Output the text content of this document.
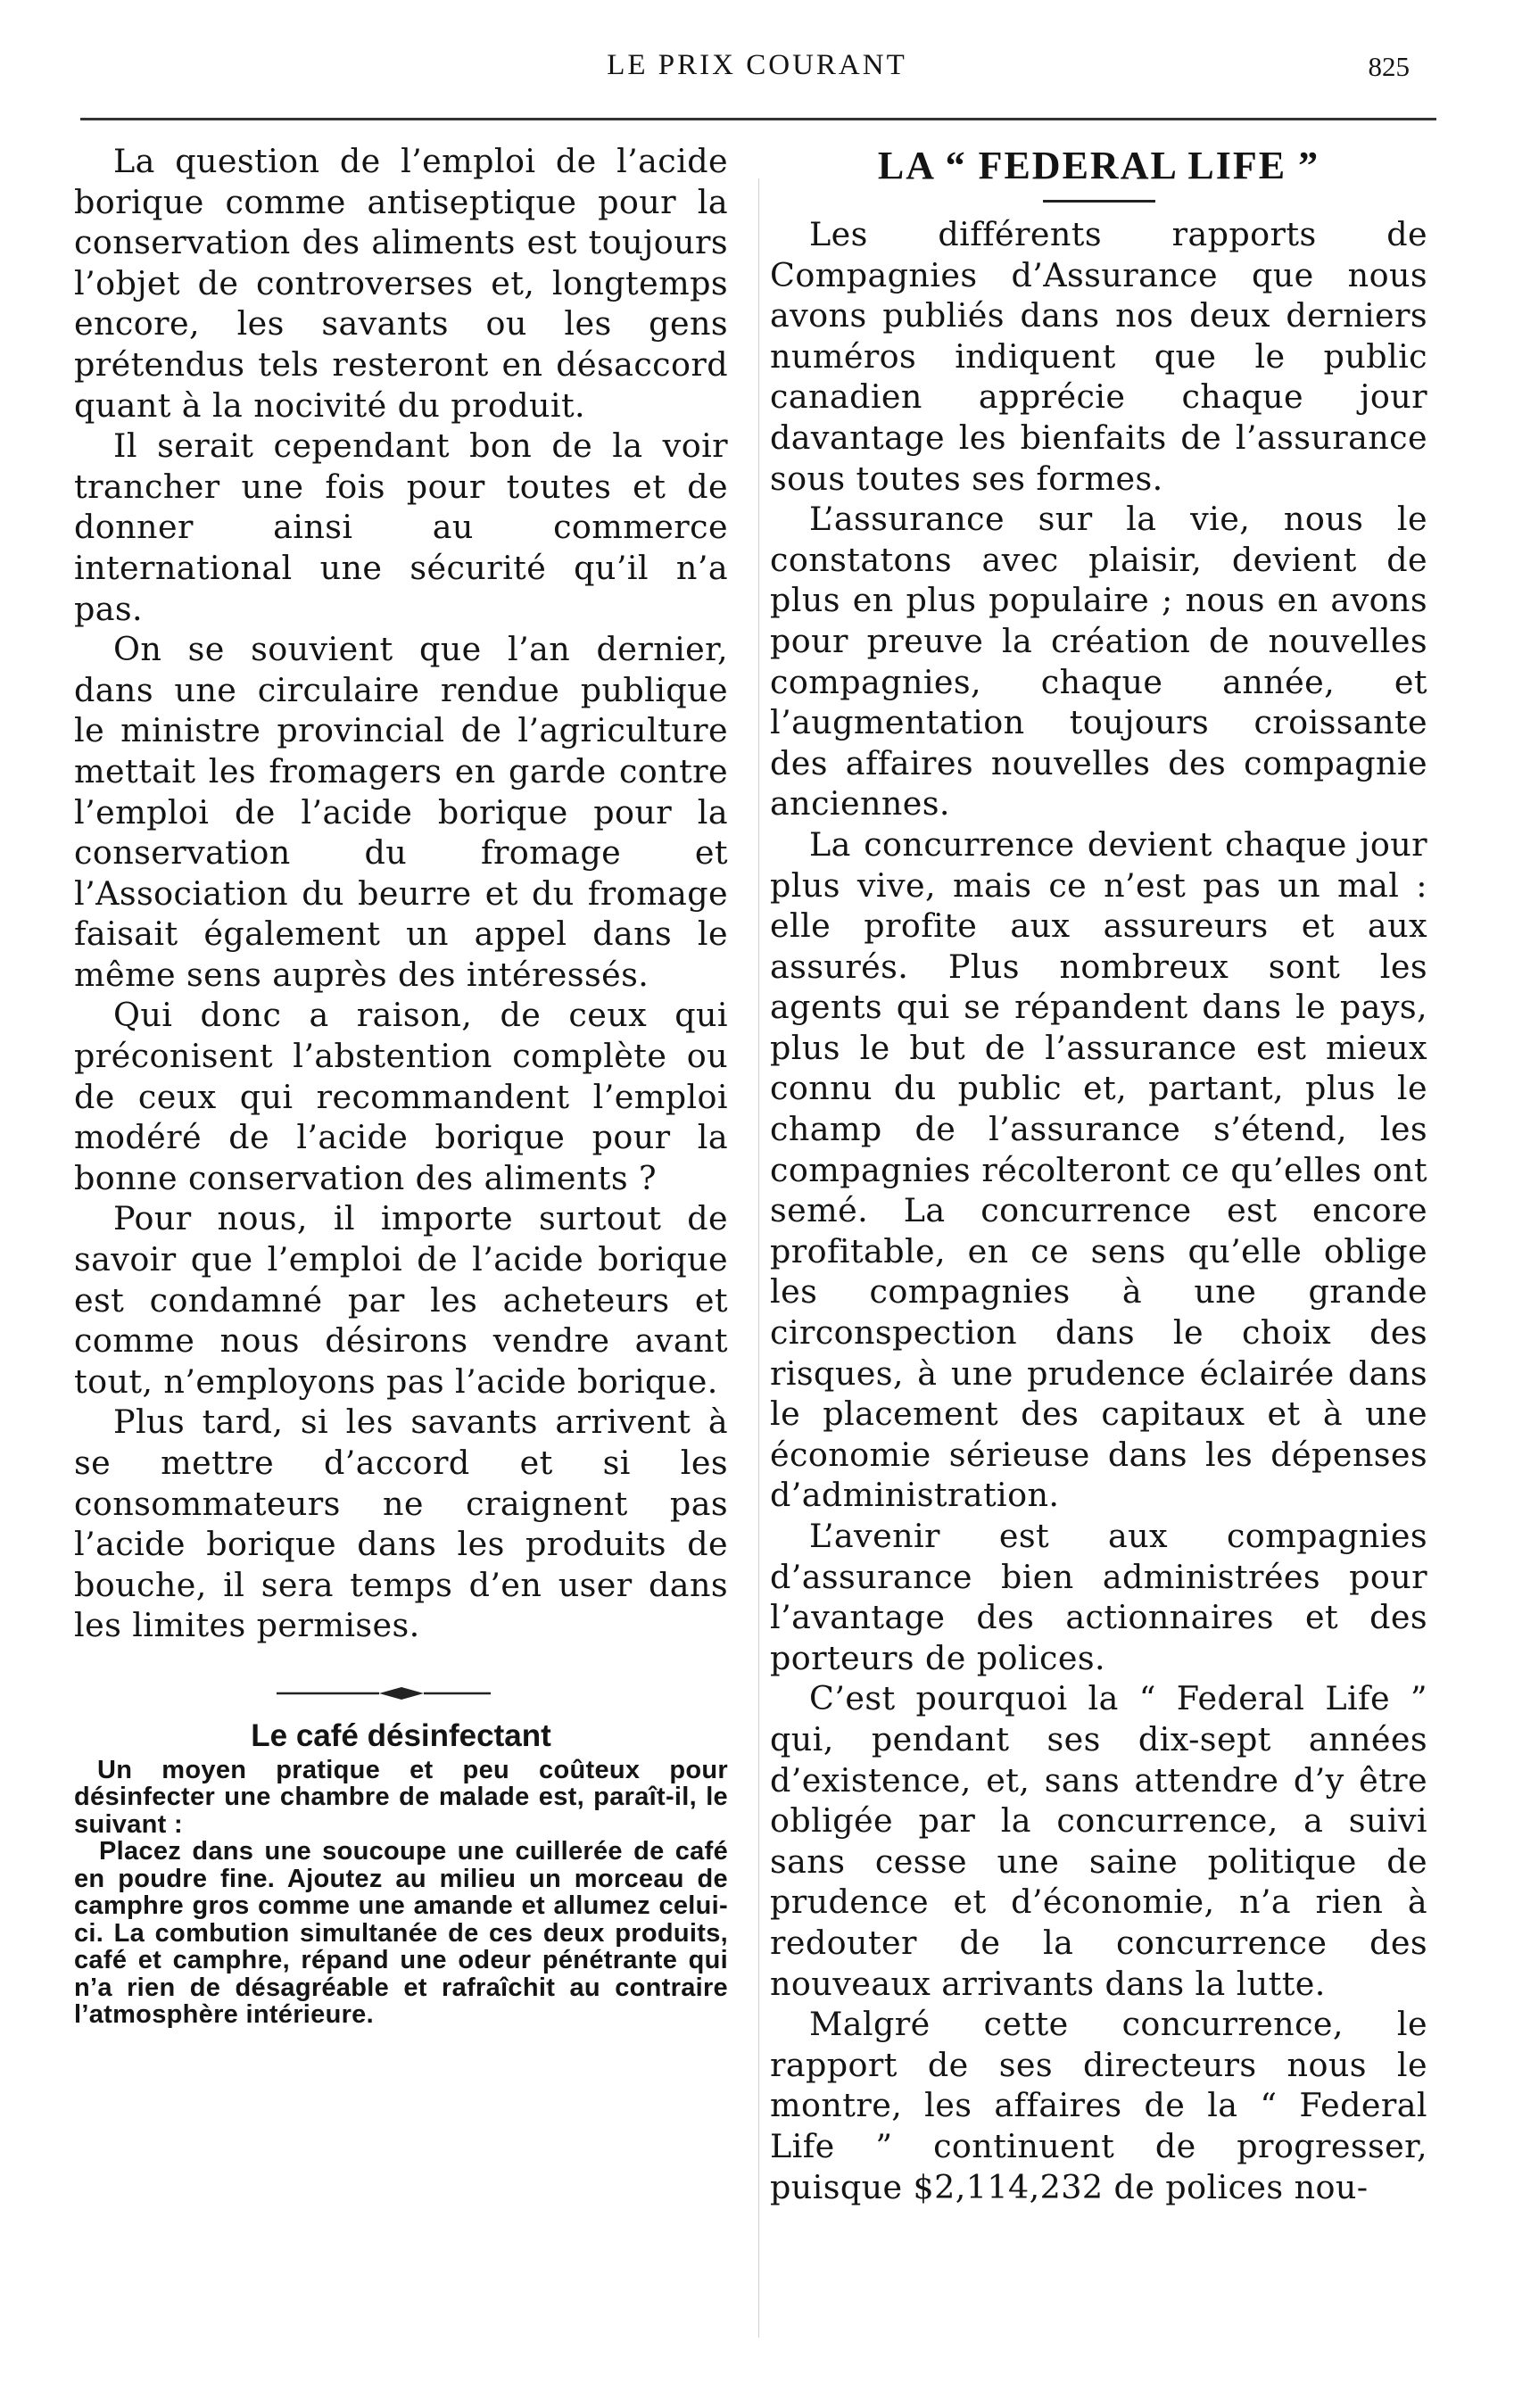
LE PRIX COURANT	825

La question de l’emploi de l’acide borique comme antiseptique pour la conservation des aliments est toujours l’objet de controverses et, longtemps encore, les savants ou les gens prétendus tels resteront en désaccord quant à la nocivité du produit.

Il serait cependant bon de la voir trancher une fois pour toutes et de donner ainsi au commerce international une sécurité qu’il n’a pas.

On se souvient que l’an dernier, dans une circulaire rendue publique le ministre provincial de l’agriculture mettait les fromagers en garde contre l’emploi de l’acide borique pour la conservation du fromage et l’Association du beurre et du fromage faisait également un appel dans le même sens auprès des intéressés.

Qui donc a raison, de ceux qui préconisent l’abstention complète ou de ceux qui recommandent l’emploi modéré de l’acide borique pour la bonne conservation des aliments ?

Pour nous, il importe surtout de savoir que l’emploi de l’acide borique est condamné par les acheteurs et comme nous désirons vendre avant tout, n’employons pas l’acide borique.

Plus tard, si les savants arrivent à se mettre d’accord et si les consommateurs ne craignent pas l’acide borique dans les produits de bouche, il sera temps d’en user dans les limites permises.

Le café désinfectant

Un moyen pratique et peu coûteux pour désinfecter une chambre de malade est, paraît-il, le suivant :

Placez dans une soucoupe une cuillerée de café en poudre fine. Ajoutez au milieu un morceau de camphre gros comme une amande et allumez celui-ci. La combution simultanée de ces deux produits, café et camphre, répand une odeur pénétrante qui n’a rien de désagréable et rafraîchit au contraire l’atmosphère intérieure.

LA “ FEDERAL LIFE ”

Les différents rapports de Compagnies d’Assurance que nous avons publiés dans nos deux derniers numéros indiquent que le public canadien apprécie chaque jour davantage les bienfaits de l’assurance sous toutes ses formes.

L’assurance sur la vie, nous le constatons avec plaisir, devient de plus en plus populaire ; nous en avons pour preuve la création de nouvelles compagnies, chaque année, et l’augmentation toujours croissante des affaires nouvelles des compagnie anciennes.

La concurrence devient chaque jour plus vive, mais ce n’est pas un mal : elle profite aux assureurs et aux assurés. Plus nombreux sont les agents qui se répandent dans le pays, plus le but de l’assurance est mieux connu du public et, partant, plus le champ de l’assurance s’étend, les compagnies récolteront ce qu’elles ont semé. La concurrence est encore profitable, en ce sens qu’elle oblige les compagnies à une grande circonspection dans le choix des risques, à une prudence éclairée dans le placement des capitaux et à une économie sérieuse dans les dépenses d’administration.

L’avenir est aux compagnies d’assurance bien administrées pour l’avantage des actionnaires et des porteurs de polices.

C’est pourquoi la “ Federal Life ” qui, pendant ses dix-sept années d’existence, et, sans attendre d’y être obligée par la concurrence, a suivi sans cesse une saine politique de prudence et d’économie, n’a rien à redouter de la concurrence des nouveaux arrivants dans la lutte.

Malgré cette concurrence, le rapport de ses directeurs nous le montre, les affaires de la “ Federal Life ” continuent de progresser, puisque $2,114,232 de polices nou-
